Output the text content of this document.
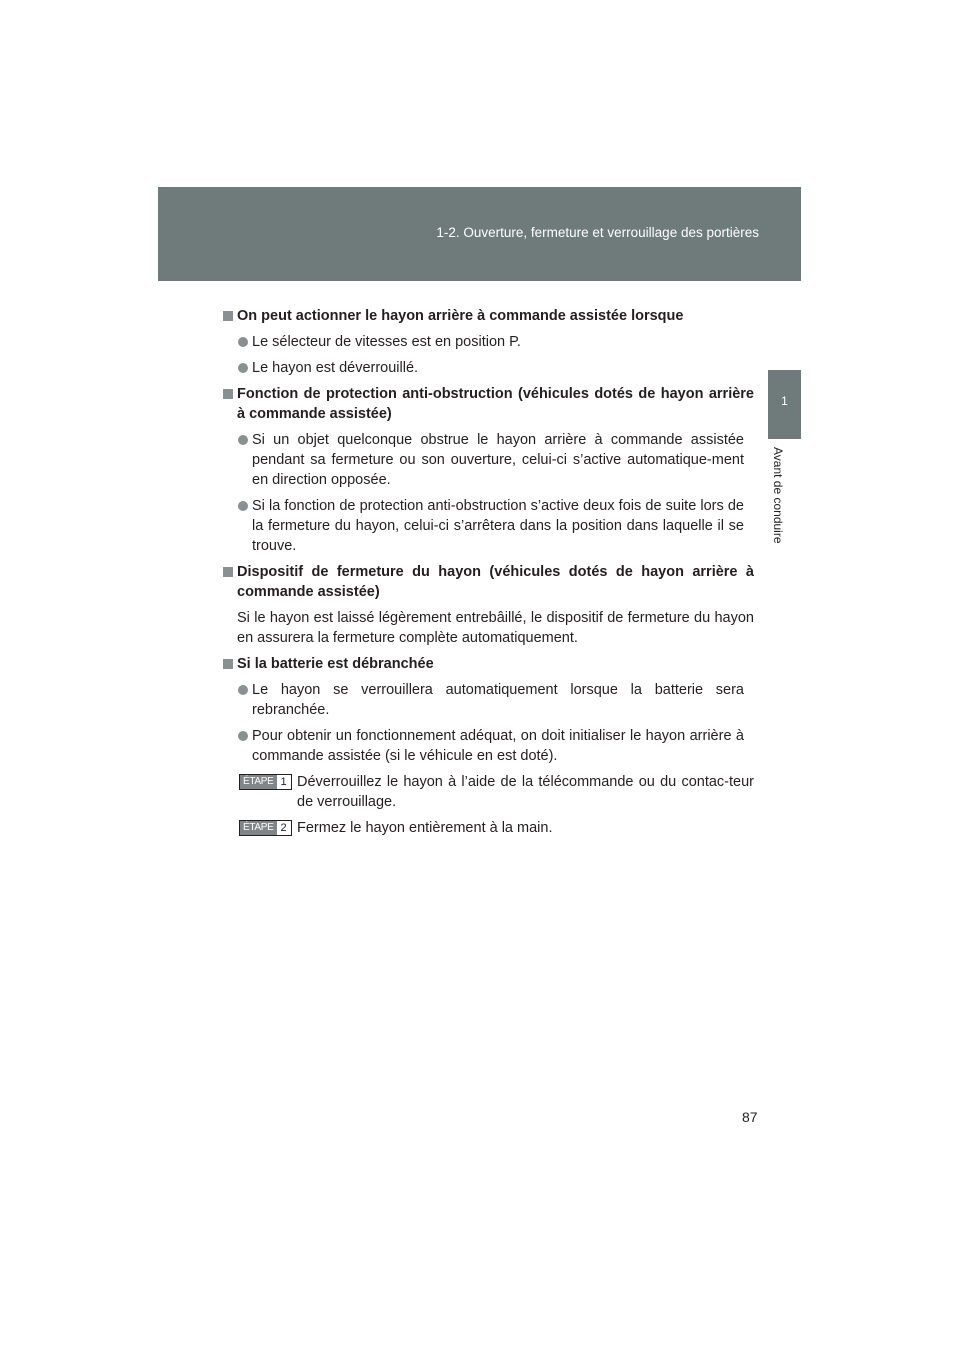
1-2. Ouverture, fermeture et verrouillage des portières
1
Avant de conduire
On peut actionner le hayon arrière à commande assistée lorsque
Le sélecteur de vitesses est en position P.
Le hayon est déverrouillé.
Fonction de protection anti-obstruction (véhicules dotés de hayon arrière à commande assistée)
Si un objet quelconque obstrue le hayon arrière à commande assistée pendant sa fermeture ou son ouverture, celui-ci s’active automatique-ment en direction opposée.
Si la fonction de protection anti-obstruction s’active deux fois de suite lors de la fermeture du hayon, celui-ci s’arrêtera dans la position dans laquelle il se trouve.
Dispositif de fermeture du hayon (véhicules dotés de hayon arrière à commande assistée)
Si le hayon est laissé légèrement entrebâillé, le dispositif de fermeture du hayon en assurera la fermeture complète automatiquement.
Si la batterie est débranchée
Le hayon se verrouillera automatiquement lorsque la batterie sera rebranchée.
Pour obtenir un fonctionnement adéquat, on doit initialiser le hayon arrière à commande assistée (si le véhicule en est doté).
ÉTAPE 1 Déverrouillez le hayon à l’aide de la télécommande ou du contac-teur de verrouillage.
ÉTAPE 2 Fermez le hayon entièrement à la main.
87
